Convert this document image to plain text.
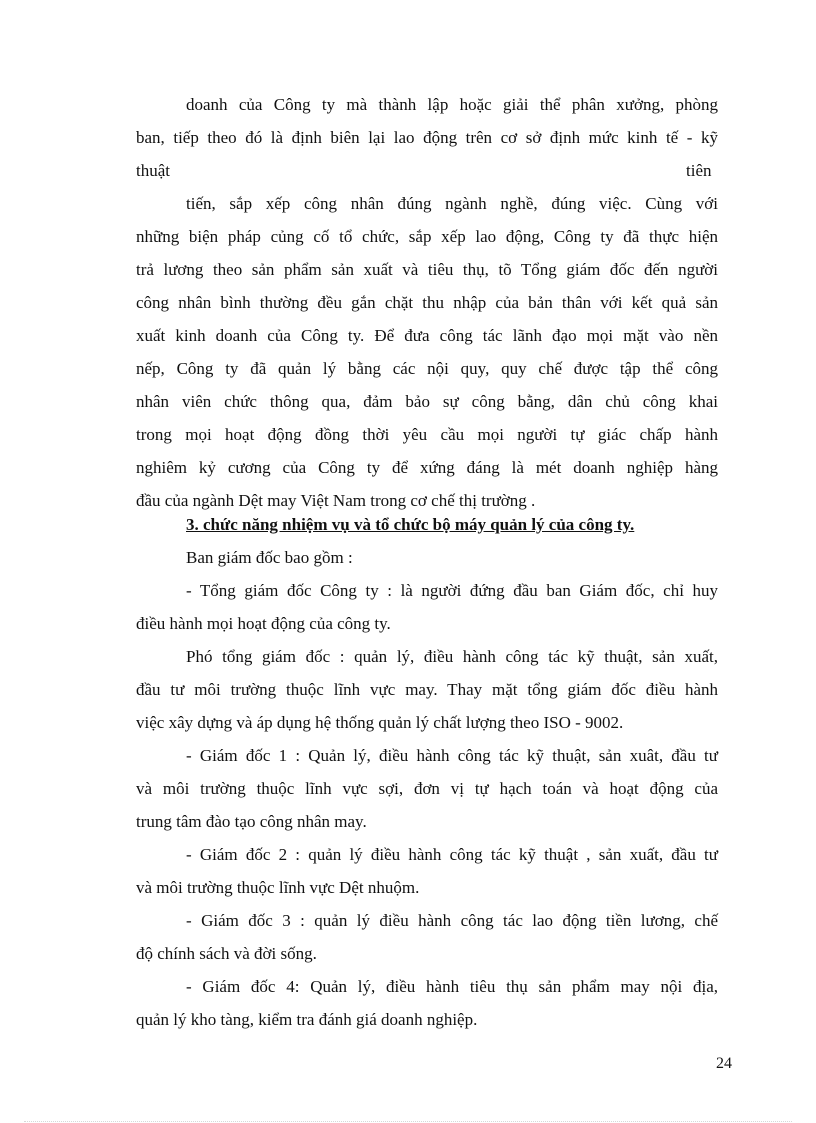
doanh của Công ty mà thành lập hoặc giải thể phân xưởng, phòng
ban, tiếp theo đó là định biên lại lao động trên cơ sở định mức kinh tế - kỹ
thuật	tiên
tiến, sắp xếp công nhân đúng ngành nghề, đúng việc. Cùng với
những biện pháp củng cố tổ chức, sắp xếp lao động, Công ty đã thực hiện
trả lương theo sản phẩm sản xuất và tiêu thụ, tõ Tổng giám đốc đến người
công nhân bình thường đều gắn chặt thu nhập của bản thân với kết quả sản
xuất kinh doanh của Công ty. Để đưa công tác lãnh đạo mọi mặt vào nền
nếp, Công ty đã quản lý bằng các nội quy, quy chế được tập thể công
nhân viên chức thông qua, đảm bảo sự công bằng, dân chủ công khai
trong mọi hoạt động đồng thời yêu cầu mọi người tự giác chấp hành
nghiêm kỷ cương của Công ty để xứng đáng là mét doanh nghiệp hàng
đầu của ngành Dệt may Việt Nam trong cơ chế thị trường .
3. chức năng nhiệm vụ và tổ chức bộ máy quản lý của công ty.
Ban giám đốc bao gồm :
- Tổng giám đốc Công ty : là người đứng đầu ban Giám đốc, chỉ huy
điều hành mọi hoạt động của công ty.
Phó tổng giám đốc : quản lý, điều hành công tác kỹ thuật, sản xuất,
đầu tư môi trường thuộc lĩnh vực may. Thay mặt tổng giám đốc điều hành
việc xây dựng và áp dụng hệ thống quản lý chất lượng theo ISO - 9002.
- Giám đốc 1 : Quản lý, điều hành công tác kỹ thuật, sản xuât, đầu tư
và môi trường thuộc lĩnh vực sợi, đơn vị tự hạch toán và hoạt động của
trung tâm đào tạo công nhân may.
- Giám đốc 2 : quản lý điều hành công tác kỹ thuật , sản xuất, đầu tư
và môi trường thuộc lĩnh vực Dệt nhuộm.
- Giám đốc 3 : quản lý điều hành công tác lao động tiền lương, chế
độ chính sách và đời sống.
- Giám đốc 4: Quản lý, điều hành tiêu thụ sản phẩm may nội địa,
quản lý kho tàng, kiểm tra đánh giá doanh nghiệp.
24
